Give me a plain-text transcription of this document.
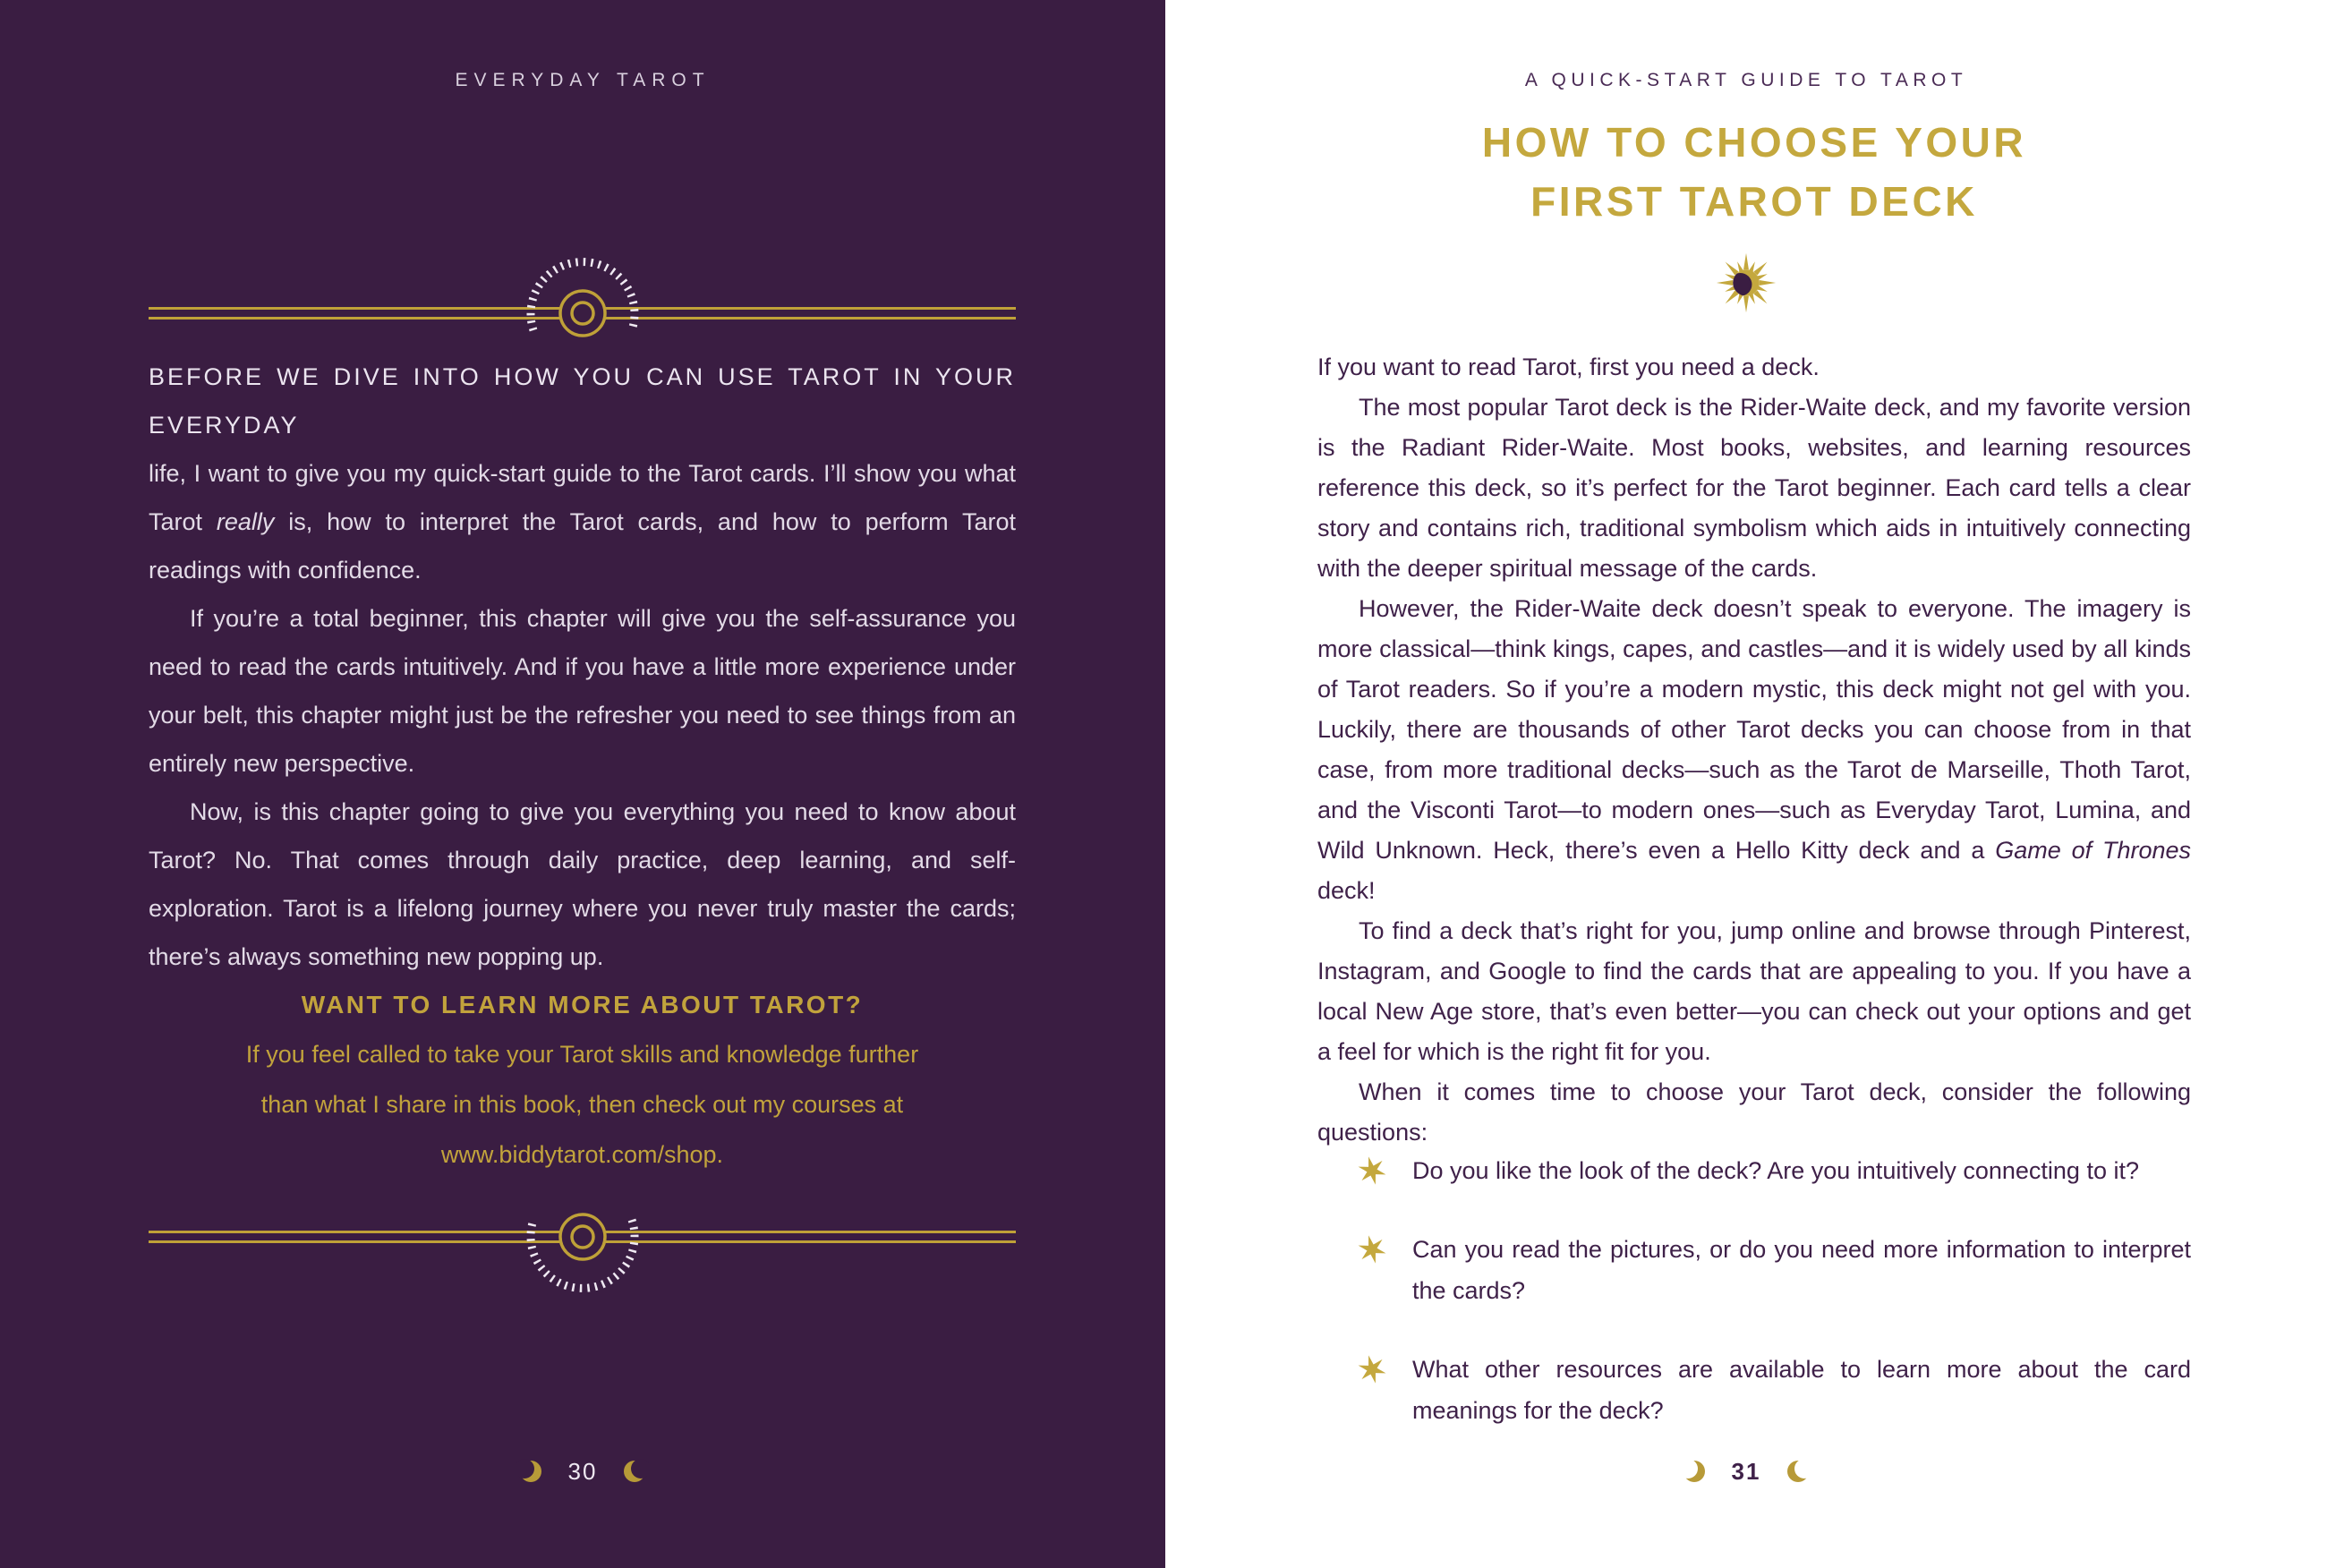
EVERYDAY TAROT

BEFORE WE DIVE INTO HOW YOU CAN USE TAROT IN YOUR EVERYDAY
life, I want to give you my quick-start guide to the Tarot cards. I’ll show you what Tarot really is, how to interpret the Tarot cards, and how to perform Tarot readings with confidence.

If you’re a total beginner, this chapter will give you the self-assurance you need to read the cards intuitively. And if you have a little more experience under your belt, this chapter might just be the refresher you need to see things from an entirely new perspective.

Now, is this chapter going to give you everything you need to know about Tarot? No. That comes through daily practice, deep learning, and self-exploration. Tarot is a lifelong journey where you never truly master the cards; there’s always something new popping up.

WANT TO LEARN MORE ABOUT TAROT?

If you feel called to take your Tarot skills and knowledge further

than what I share in this book, then check out my courses at

www.biddytarot.com/shop.

30
A QUICK-START GUIDE TO TAROT
HOW TO CHOOSE YOUR
FIRST TAROT DECK

If you want to read Tarot, first you need a deck.

The most popular Tarot deck is the Rider-Waite deck, and my favorite version is the Radiant Rider-Waite. Most books, websites, and learning resources reference this deck, so it’s perfect for the Tarot beginner. Each card tells a clear story and contains rich, traditional symbolism which aids in intuitively connecting with the deeper spiritual message of the cards.

However, the Rider-Waite deck doesn’t speak to everyone. The imagery is more classical—think kings, capes, and castles—and it is widely used by all kinds of Tarot readers. So if you’re a modern mystic, this deck might not gel with you. Luckily, there are thousands of other Tarot decks you can choose from in that case, from more traditional decks—such as the Tarot de Marseille, Thoth Tarot, and the Visconti Tarot—to modern ones—such as Everyday Tarot, Lumina, and Wild Unknown. Heck, there’s even a Hello Kitty deck and a Game of Thrones deck!

To find a deck that’s right for you, jump online and browse through Pinterest, Instagram, and Google to find the cards that are appealing to you. If you have a local New Age store, that’s even better—you can check out your options and get a feel for which is the right fit for you.

When it comes time to choose your Tarot deck, consider the following questions:

Do you like the look of the deck? Are you intuitively connecting to it?
Can you read the pictures, or do you need more information to interpret the cards?
What other resources are available to learn more about the card meanings for the deck?
31
